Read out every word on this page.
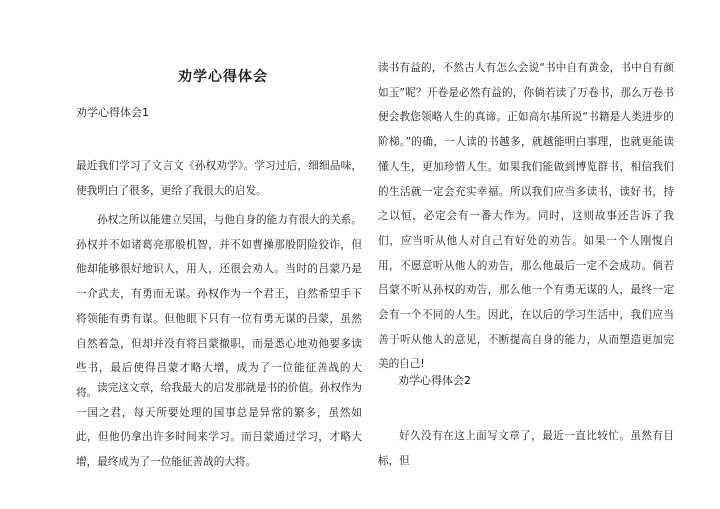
劝学心得体会
劝学心得体会1

最近我们学习了文言文《孙权劝学》。学习过后，细细品味，使我明白了很多，更给了我很大的启发。

孙权之所以能建立吴国，与他自身的能力有很大的关系。孙权并不如诸葛亮那般机智，并不如曹操那般阴险狡诈，但他却能够很好地识人，用人，还很会劝人。当时的吕蒙乃是一介武夫，有勇而无谋。孙权作为一个君王，自然希望手下将领能有勇有谋。但他眼下只有一位有勇无谋的吕蒙，虽然自然着急，但却并没有将吕蒙撤职，而是悉心地劝他要多读些书，最后使得吕蒙才略大增，成为了一位能征善战的大将。 读完这文章，给我最大的启发那就是书的价值。孙权作为一国之君，每天所要处理的国事总是异常的繁多，虽然如此，但他仍拿出许多时间来学习。而吕蒙通过学习，才略大增，最终成为了一位能征善战的大将。

读书有益的，不然古人有怎么会说“书中自有黄金，书中自有颜如玉”呢？开卷是必然有益的，你倘若读了万卷书，那么万卷书便会教您领略人生的真谛。正如高尔基所说“书籍是人类进步的阶梯。”的确，一人读的书越多，就越能明白事理，也就更能读懂人生，更加珍惜人生。如果我们能做到博览群书，相信我们的生活就一定会充实幸福。所以我们应当多读书，读好书，持之以恒，必定会有一番大作为。同时，这则故事还告诉了我们，应当听从他人对自己有好处的劝告。如果一个人刚愎自用，不愿意听从他人的劝告，那么他最后一定不会成功。倘若吕蒙不听从孙权的劝告，那么他一个有勇无谋的人，最终一定会有一个不同的人生。因此，在以后的学习生活中，我们应当善于听从他人的意见，不断提高自身的能力，从而塑造更加完美的自己!

劝学心得体会2

好久没有在这上面写文章了，最近一直比较忙。虽然有目标，但
